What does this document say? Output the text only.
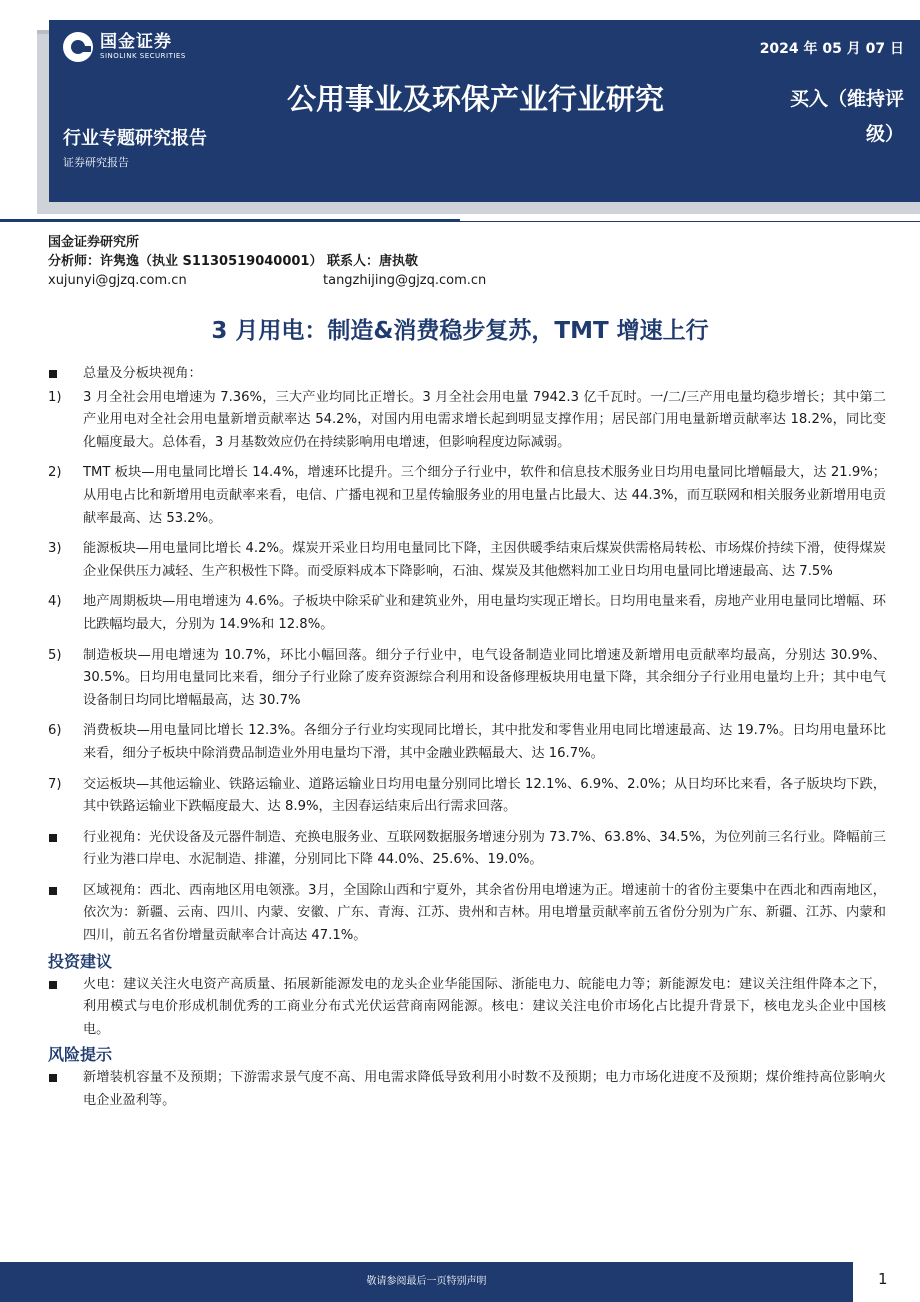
国金证券
SINOLINK SECURITIES
公用事业及环保产业行业研究
2024 年 05 月 07 日
买入（维持评级）
行业专题研究报告
证券研究报告
国金证券研究所
分析师：许隽逸（执业 S1130519040001） 联系人：唐执敬
xujunyi@gjzq.com.cn	tangzhijing@gjzq.com.cn
3 月用电：制造&消费稳步复苏，TMT 增速上行
总量及分板块视角：
1)	3 月全社会用电增速为 7.36%，三大产业均同比正增长。3 月全社会用电量 7942.3 亿千瓦时。一/二/三产用电量均稳步增长；其中第二产业用电对全社会用电量新增贡献率达 54.2%，对国内用电需求增长起到明显支撑作用；居民部门用电量新增贡献率达 18.2%，同比变化幅度最大。总体看，3 月基数效应仍在持续影响用电增速，但影响程度边际减弱。
2)	TMT 板块—用电量同比增长 14.4%，增速环比提升。三个细分子行业中，软件和信息技术服务业日均用电量同比增幅最大，达 21.9%；从用电占比和新增用电贡献率来看，电信、广播电视和卫星传输服务业的用电量占比最大、达 44.3%，而互联网和相关服务业新增用电贡献率最高、达 53.2%。
3)	能源板块—用电量同比增长 4.2%。煤炭开采业日均用电量同比下降，主因供暖季结束后煤炭供需格局转松、市场煤价持续下滑，使得煤炭企业保供压力减轻、生产积极性下降。而受原料成本下降影响，石油、煤炭及其他燃料加工业日均用电量同比增速最高、达 7.5%
4)	地产周期板块—用电增速为 4.6%。子板块中除采矿业和建筑业外，用电量均实现正增长。日均用电量来看，房地产业用电量同比增幅、环比跌幅均最大，分别为 14.9%和 12.8%。
5)	制造板块—用电增速为 10.7%，环比小幅回落。细分子行业中，电气设备制造业同比增速及新增用电贡献率均最高，分别达 30.9%、30.5%。日均用电量同比来看，细分子行业除了废弃资源综合利用和设备修理板块用电量下降，其余细分子行业用电量均上升；其中电气设备制日均同比增幅最高，达 30.7%
6)	消费板块—用电量同比增长 12.3%。各细分子行业均实现同比增长，其中批发和零售业用电同比增速最高、达 19.7%。日均用电量环比来看，细分子板块中除消费品制造业外用电量均下滑，其中金融业跌幅最大、达 16.7%。
7)	交运板块—其他运输业、铁路运输业、道路运输业日均用电量分别同比增长 12.1%、6.9%、2.0%；从日均环比来看，各子版块均下跌，其中铁路运输业下跌幅度最大、达 8.9%，主因春运结束后出行需求回落。
行业视角：光伏设备及元器件制造、充换电服务业、互联网数据服务增速分别为 73.7%、63.8%、34.5%，为位列前三名行业。降幅前三行业为港口岸电、水泥制造、排灌，分别同比下降 44.0%、25.6%、19.0%。
区域视角：西北、西南地区用电领涨。3月，全国除山西和宁夏外，其余省份用电增速为正。增速前十的省份主要集中在西北和西南地区，依次为：新疆、云南、四川、内蒙、安徽、广东、青海、江苏、贵州和吉林。用电增量贡献率前五省份分别为广东、新疆、江苏、内蒙和四川，前五名省份增量贡献率合计高达 47.1%。
投资建议
火电：建议关注火电资产高质量、拓展新能源发电的龙头企业华能国际、浙能电力、皖能电力等；新能源发电：建议关注组件降本之下，利用模式与电价形成机制优秀的工商业分布式光伏运营商南网能源。核电：建议关注电价市场化占比提升背景下，核电龙头企业中国核电。
风险提示
新增装机容量不及预期；下游需求景气度不高、用电需求降低导致利用小时数不及预期；电力市场化进度不及预期；煤价维持高位影响火电企业盈利等。
敬请参阅最后一页特别声明	1
